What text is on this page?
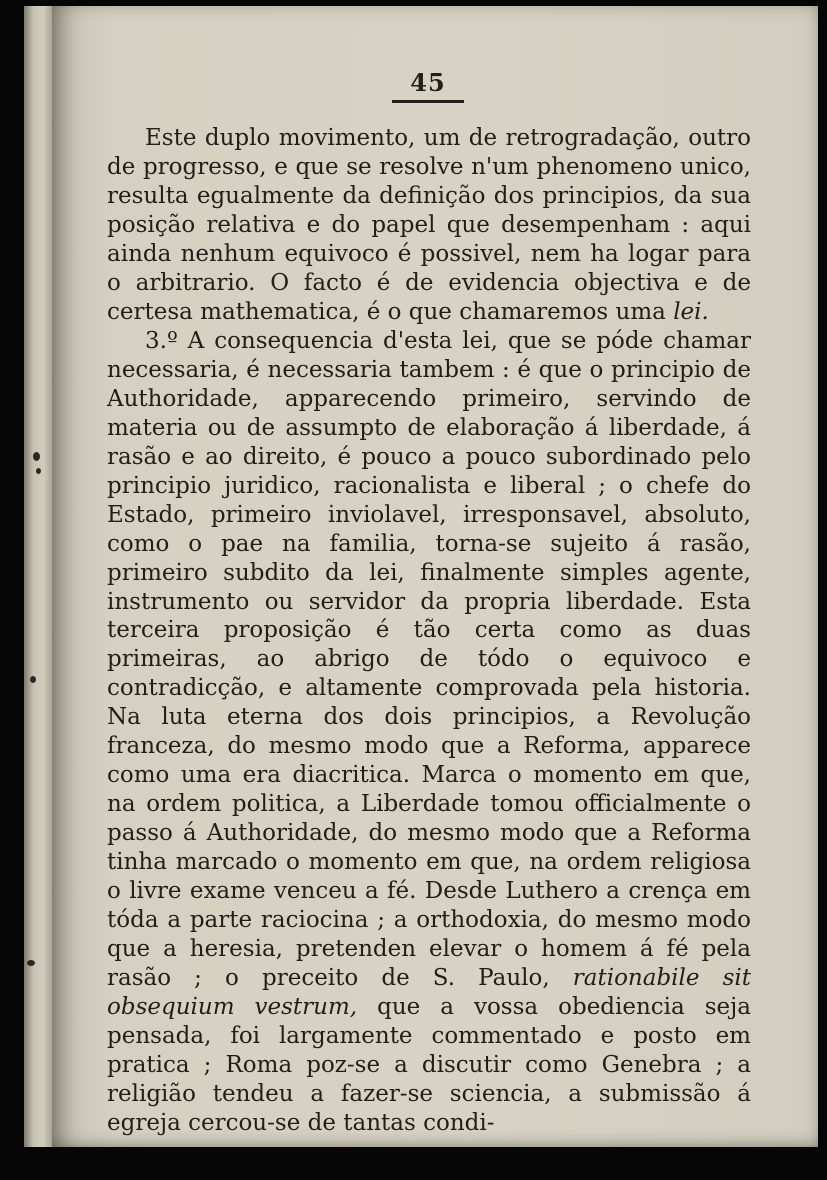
45

Este duplo movimento, um de retrogradação, outro de progresso, e que se resolve n'um phenomeno unico, resulta egualmente da definição dos principios, da sua posição relativa e do papel que desempenham : aqui ainda nenhum equivoco é possivel, nem ha logar para o arbitrario. O facto é de evidencia objectiva e de certesa mathematica, é o que chamaremos uma lei.

3.º A consequencia d'esta lei, que se póde chamar necessaria, é necessaria tambem : é que o principio de Authoridade, apparecendo primeiro, servindo de materia ou de assumpto de elaboração á liberdade, á rasão e ao direito, é pouco a pouco subordinado pelo principio juridico, racionalista e liberal ; o chefe do Estado, primeiro inviolavel, irresponsavel, absoluto, como o pae na familia, torna-se sujeito á rasão, primeiro subdito da lei, finalmente simples agente, instrumento ou servidor da propria liberdade. Esta terceira proposição é tão certa como as duas primeiras, ao abrigo de tódo o equivoco e contradicção, e altamente comprovada pela historia. Na luta eterna dos dois principios, a Revolução franceza, do mesmo modo que a Reforma, apparece como uma era diacritica. Marca o momento em que, na ordem politica, a Liberdade tomou officialmente o passo á Authoridade, do mesmo modo que a Reforma tinha marcado o momento em que, na ordem religiosa o livre exame venceu a fé. Desde Luthero a crença em tóda a parte raciocina ; a orthodoxia, do mesmo modo que a heresia, pretenden elevar o homem á fé pela rasão ; o preceito de S. Paulo, rationabile sit obsequium vestrum, que a vossa obediencia seja pensada, foi largamente commentado e posto em pratica ; Roma poz-se a discutir como Genebra ; a religião tendeu a fazer-se sciencia, a submissão á egreja cercou-se de tantas condi-
